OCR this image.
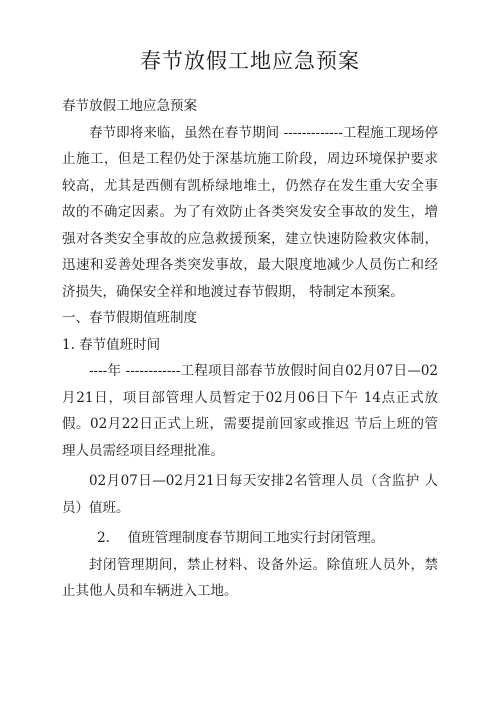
春节放假工地应急预案

春节放假工地应急预案

春节即将来临，虽然在春节期间 -------------工程施工现场停止施工，但是工程仍处于深基坑施工阶段，周边环境保护要求较高，尤其是西侧有凯桥绿地堆土，仍然存在发生重大安全事故的不确定因素。为了有效防止各类突发安全事故的发生，增强对各类安全事故的应急救援预案，建立快速防险救灾体制，迅速和妥善处理各类突发事故，最大限度地减少人员伤亡和经济损失，确保安全祥和地渡过春节假期， 特制定本预案。

一、春节假期值班制度

1. 春节值班时间

----年 ------------工程项目部春节放假时间自02月07日—02月21日，项目部管理人员暂定于02月06日下午 14点正式放假。02月22日正式上班，需要提前回家或推迟 节后上班的管理人员需经项目经理批准。

02月07日—02月21日每天安排2名管理人员（含监护 人员）值班。

2.　 值班管理制度春节期间工地实行封闭管理。

封闭管理期间，禁止材料、设备外运。除值班人员外，禁止其他人员和车辆进入工地。
